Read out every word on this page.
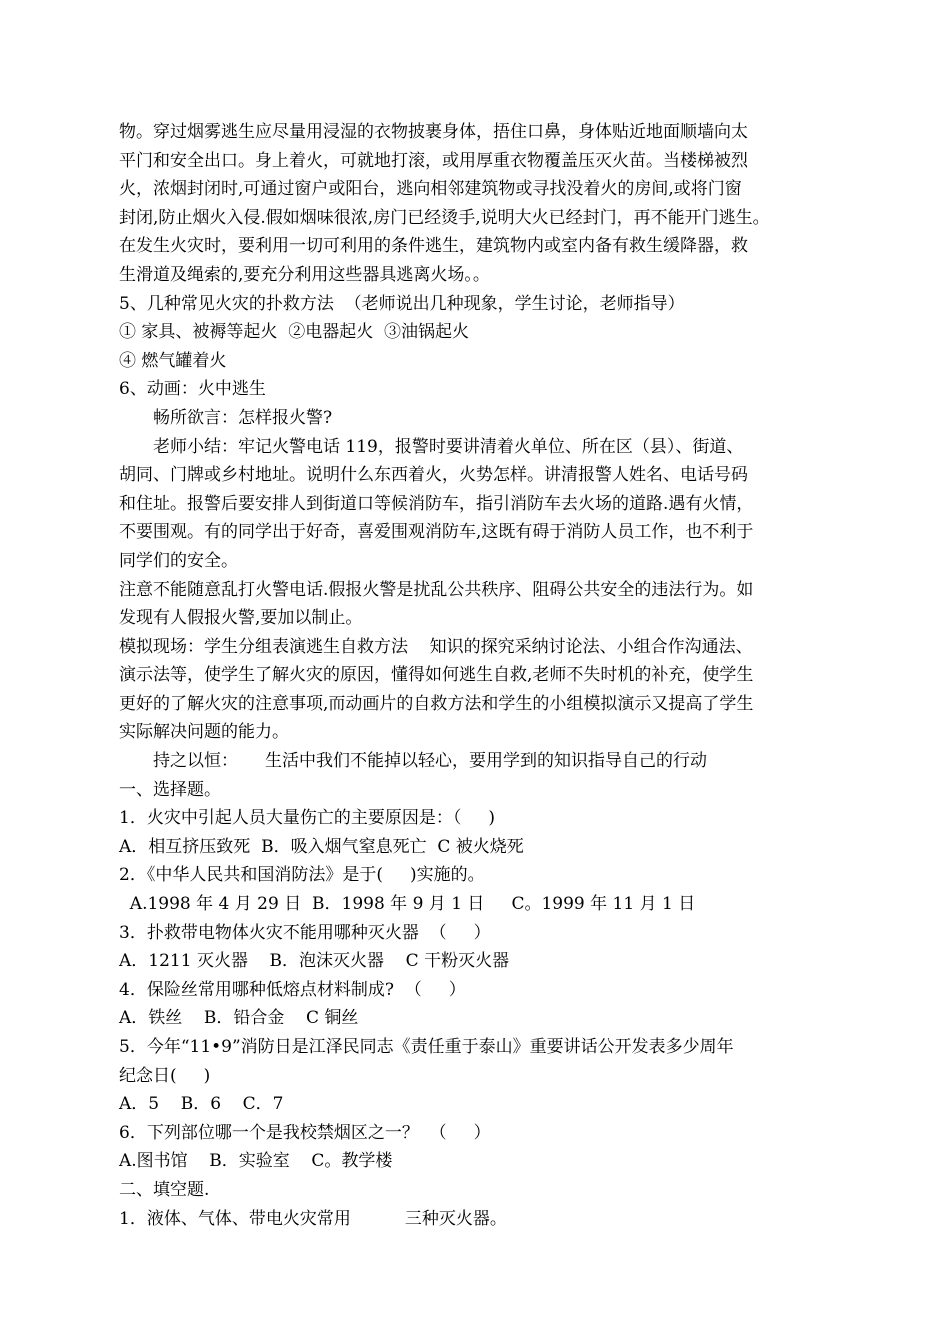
物。穿过烟雾逃生应尽量用浸湿的衣物披裹身体，捂住口鼻，身体贴近地面顺墙向太
平门和安全出口。身上着火，可就地打滚，或用厚重衣物覆盖压灭火苗。当楼梯被烈
火，浓烟封闭时,可通过窗户或阳台，逃向相邻建筑物或寻找没着火的房间,或将门窗
封闭,防止烟火入侵.假如烟味很浓,房门已经烫手,说明大火已经封门，再不能开门逃生。
在发生火灾时，要利用一切可利用的条件逃生，建筑物内或室内备有救生缓降器，救
生滑道及绳索的,要充分利用这些器具逃离火场。。
5、几种常见火灾的扑救方法  （老师说出几种现象，学生讨论，老师指导）
① 家具、被褥等起火  ②电器起火  ③油锅起火
④ 燃气罐着火
6、动画：火中逃生
畅所欲言：怎样报火警?
老师小结：牢记火警电话 119，报警时要讲清着火单位、所在区（县）、街道、
胡同、门牌或乡村地址。说明什么东西着火，火势怎样。讲清报警人姓名、电话号码
和住址。报警后要安排人到街道口等候消防车，指引消防车去火场的道路.遇有火情，
不要围观。有的同学出于好奇，喜爱围观消防车,这既有碍于消防人员工作，也不利于
同学们的安全。
注意不能随意乱打火警电话.假报火警是扰乱公共秩序、阻碍公共安全的违法行为。如
发现有人假报火警,要加以制止。
模拟现场：学生分组表演逃生自救方法    知识的探究采纳讨论法、小组合作沟通法、
演示法等，使学生了解火灾的原因，懂得如何逃生自救,老师不失时机的补充，使学生
更好的了解火灾的注意事项,而动画片的自救方法和学生的小组模拟演示又提高了学生
实际解决问题的能力。
持之以恒：     生活中我们不能掉以轻心，要用学到的知识指导自己的行动
一、选择题。
1．火灾中引起人员大量伤亡的主要原因是：（     )
A．相互挤压致死  B．吸入烟气窒息死亡  C 被火烧死
2．《中华人民共和国消防法》是于(     )实施的。
A.1998 年 4 月 29 日  B．1998 年 9 月 1 日     C。1999 年 11 月 1 日
3．扑救带电物体火灾不能用哪种灭火器  （     ）
A．1211 灭火器    B．泡沫灭火器    C 干粉灭火器
4．保险丝常用哪种低熔点材料制成?  （     ）
A．铁丝    B．铅合金    C 铜丝
5．今年“11•9”消防日是江泽民同志《责任重于泰山》重要讲话公开发表多少周年
纪念日(     )
A．5    B．6    C．7
6．下列部位哪一个是我校禁烟区之一？  （     ）
A.图书馆    B．实验室    C。教学楼
二、填空题.
1．液体、气体、带电火灾常用          三种灭火器。
